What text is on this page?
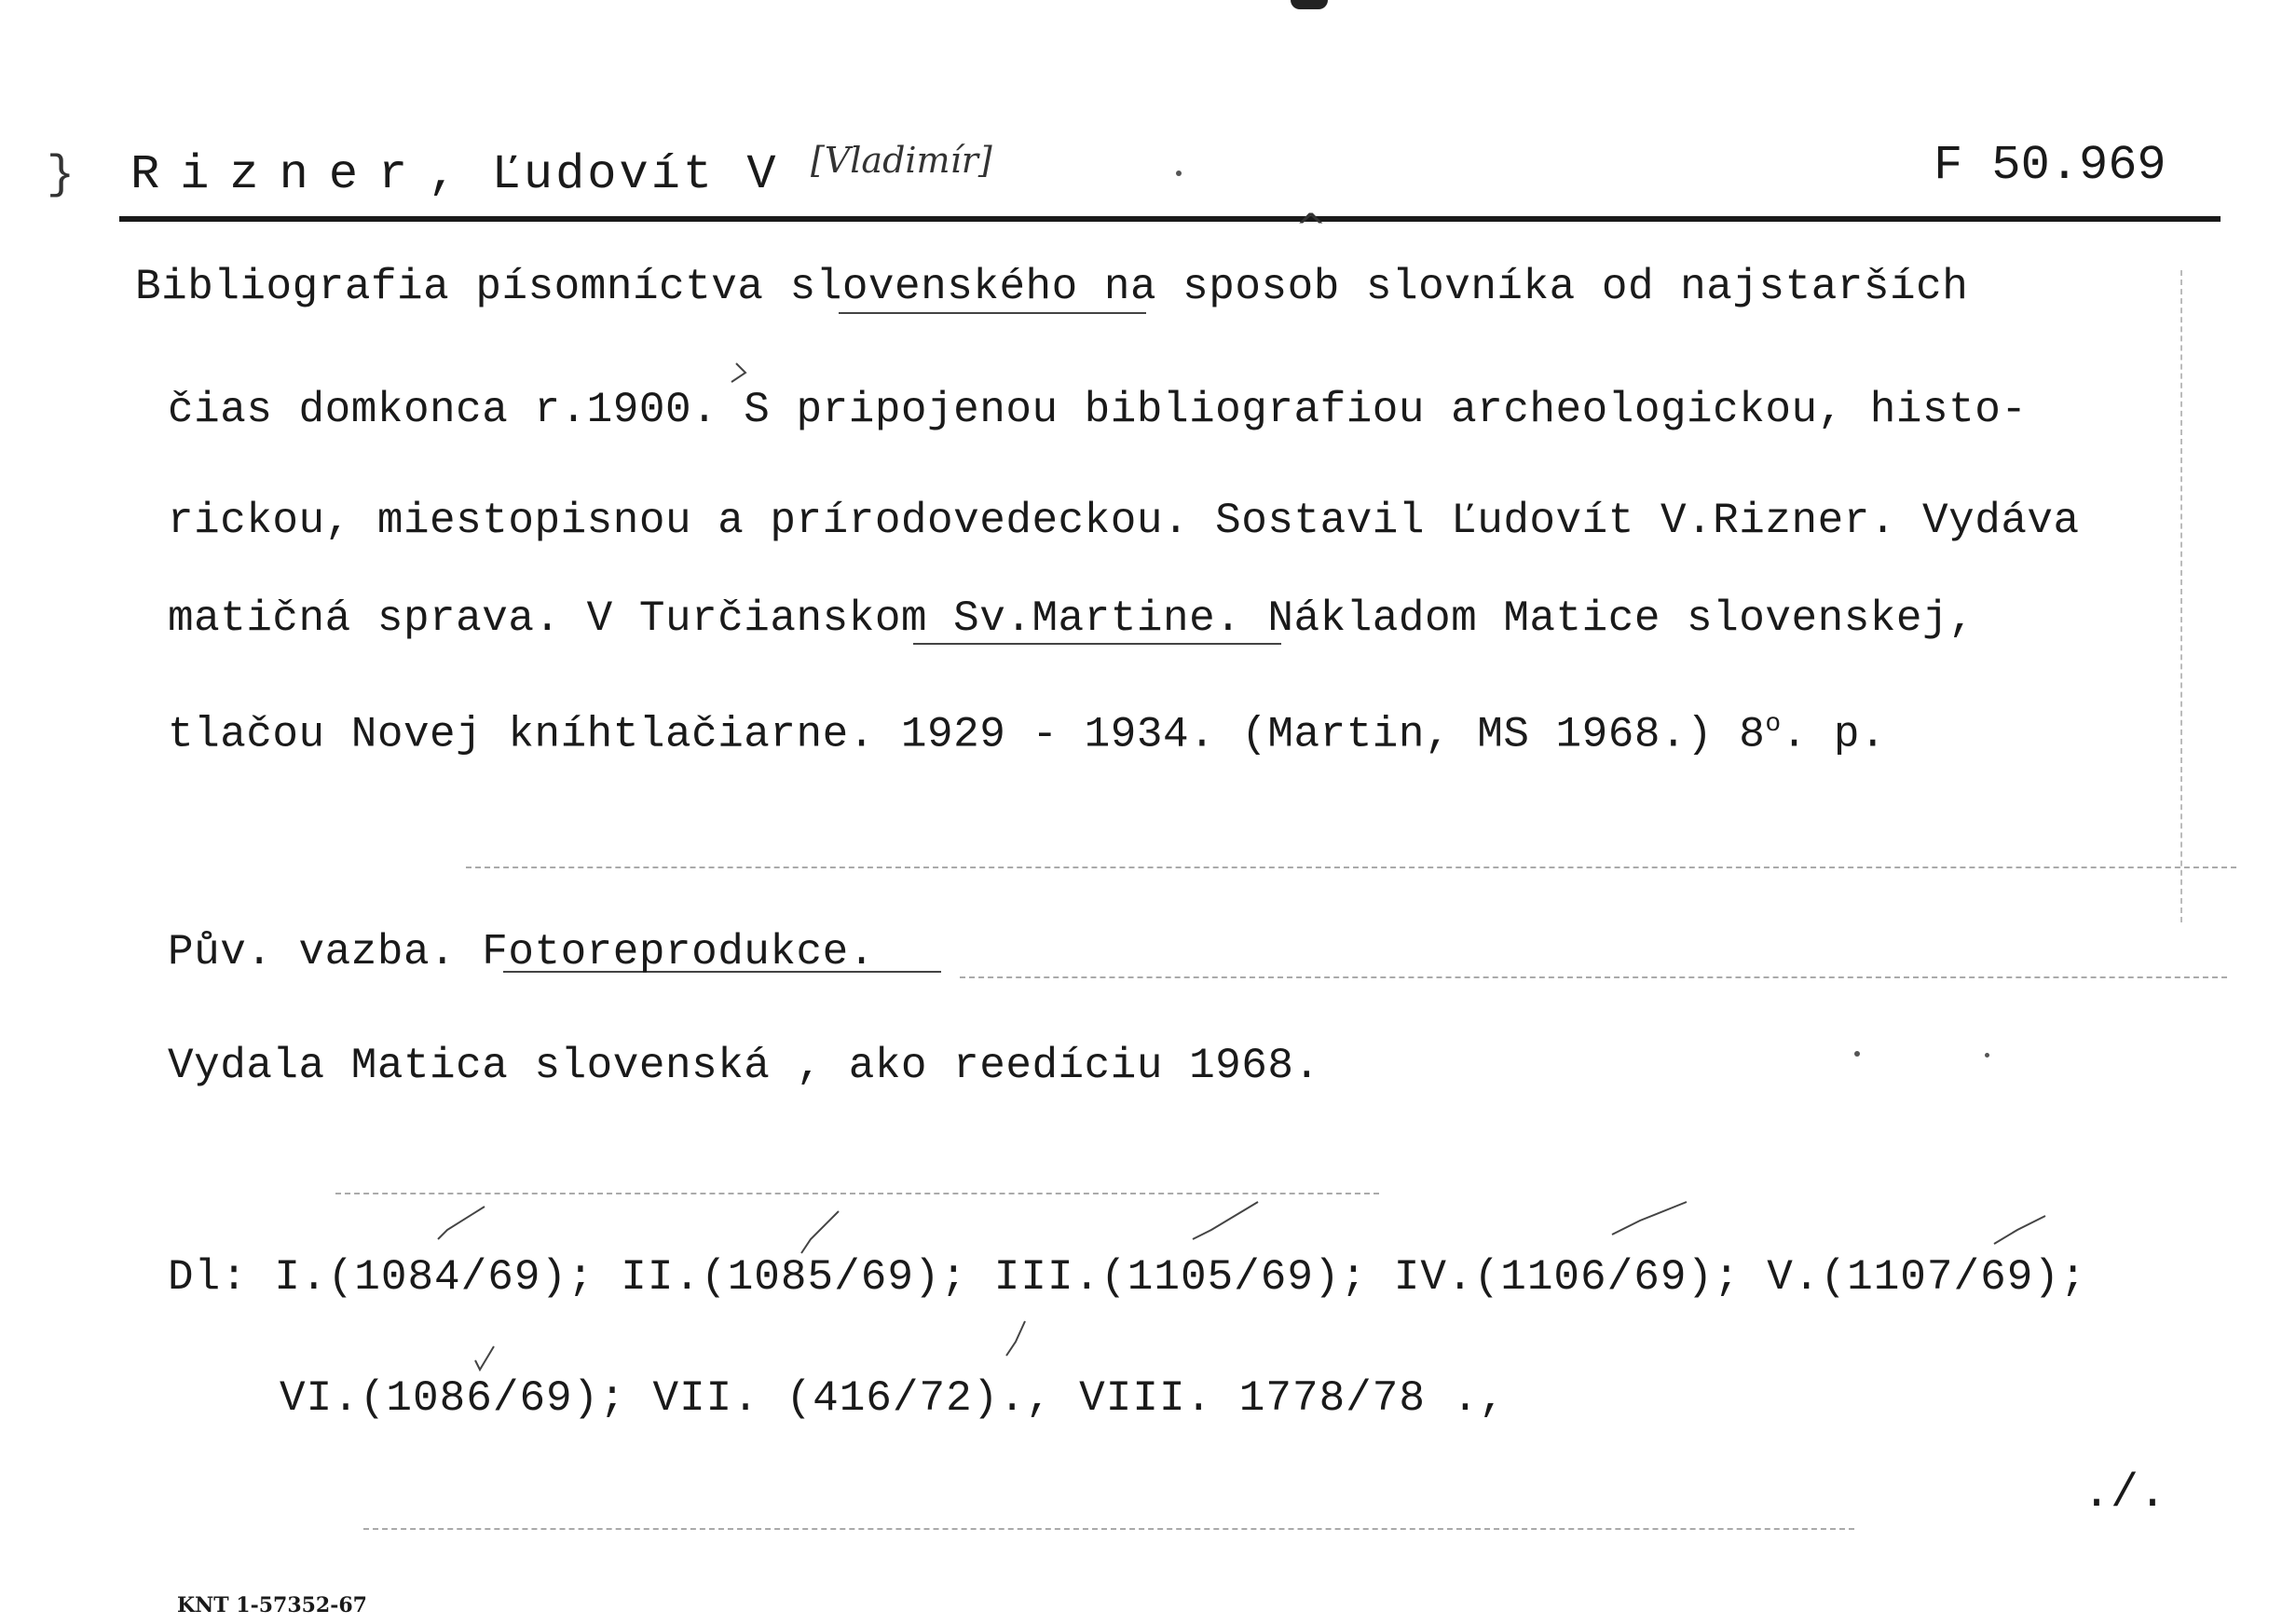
} Rizner, Ľudovít V [Vladimír]	F 50.969
^
Bibliografia písomníctva slovenského na sposob slovníka od najstarších
čias domkonca r.1900. S pripojenou bibliografiou archeologickou, histo-
rickou, miestopisnou a prírodovedeckou. Sostavil Ľudovít V.Rizner. Vydáva
matičná sprava. V Turčianskom Sv.Martine. Nákladom Matice slovenskej,
tlačou Novej kníhtlačiarne. 1929 - 1934. (Martin, MS 1968.) 8$^o$. p.
Pův. vazba. Fotoreprodukce.
Vydala Matica slovenská , ako reedíciu 1968.
Dl: I.(1084/69); II.(1085/69); III.(1105/69); IV.(1106/69); V.(1107/69);
VI.(1086/69); VII. (416/72)., VIII. 1778/78 .,
./.
KNT 1-57352-67
